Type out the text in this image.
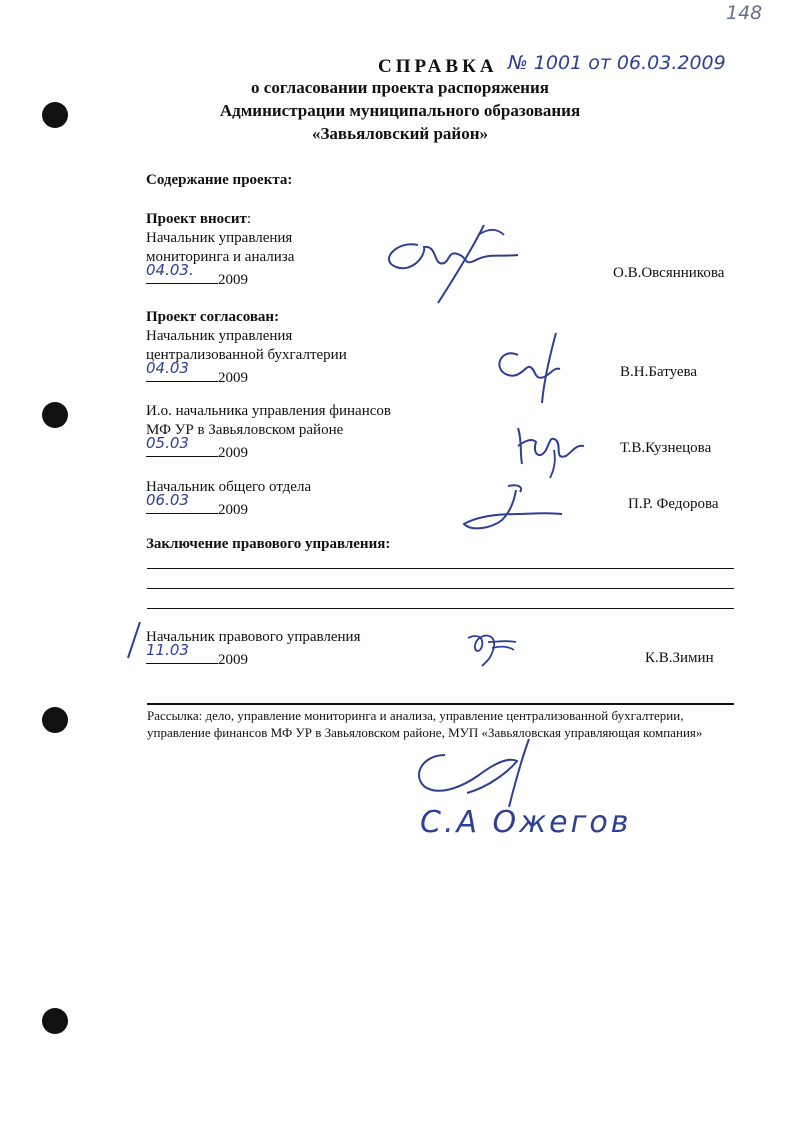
148
СПРАВКА № 1001 от 06.03.2009
о согласовании проекта распоряжения
Администрации муниципального образования
«Завьяловский район»
Содержание проекта:
Проект вносит:
Начальник управления
мониторинга и анализа
04.03.
2009	О.В.Овсянникова
Проект согласован:
Начальник управления
централизованной бухгалтерии
04.03
2009	В.Н.Батуева
И.о. начальника управления финансов
МФ УР в Завьяловском районе
05.03
2009	Т.В.Кузнецова
Начальник общего отдела
06.03
2009	П.Р. Федорова
Заключение правового управления:
Начальник правового управления
11.03
2009	К.В.Зимин
Рассылка: дело, управление мониторинга и анализа, управление централизованной бухгалтерии,
управление финансов МФ УР в Завьяловском районе, МУП «Завьяловская управляющая компания»
С.А Ожегов
